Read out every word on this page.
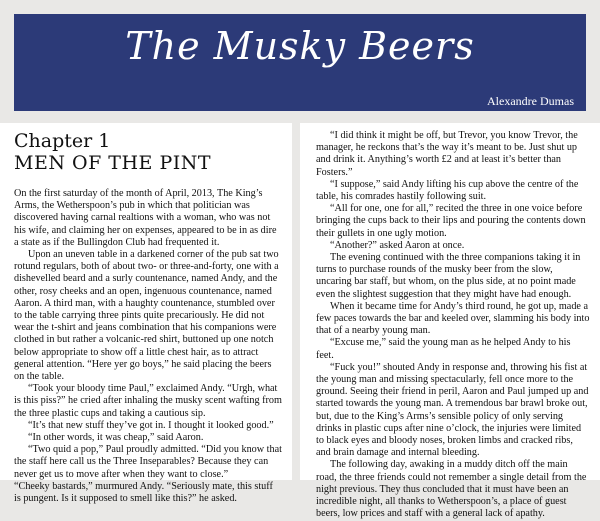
The Musky Beers
Alexandre Dumas
Chapter 1
MEN OF THE PINT

On the first saturday of the month of April, 2013, The King’s Arms, the Wetherspoon’s pub in which that politician was discovered having carnal realtions with a woman, who was not his wife, and claiming her on expenses, appeared to be in as dire a state as if the Bullingdon Club had frequented it.

Upon an uneven table in a darkened corner of the pub sat two rotund regulars, both of about two- or three-and-forty, one with a dishevelled beard and a surly countenance, named Andy, and the other, rosy cheeks and an open, ingenuous countenance, named Aaron. A third man, with a haughty countenance, stumbled over to the table carrying three pints quite precariously. He did not wear the t-shirt and jeans combination that his companions were clothed in but rather a volcanic-red shirt, buttoned up one notch below appropriate to show off a little chest hair, as to attract general attention. “Here yer go boys,” he said placing the beers on the table.

“Took your bloody time Paul,” exclaimed Andy. “Urgh, what is this piss?” he cried after inhaling the musky scent wafting from the three plastic cups and taking a cautious sip.

“It’s that new stuff they’ve got in. I thought it looked good.”

“In other words, it was cheap,” said Aaron.

“Two quid a pop,” Paul proudly admitted. “Did you know that the staff here call us the Three Inseparables? Because they can never get us to move after when they want to close.”

“Cheeky bastards,” murmured Andy. “Seriously mate, this stuff is pungent. Is it supposed to smell like this?” he asked.

“I did think it might be off, but Trevor, you know Trevor, the manager, he reckons that’s the way it’s meant to be. Just shut up and drink it. Anything’s worth £2 and at least it’s better than Fosters.”

“I suppose,” said Andy lifting his cup above the centre of the table, his comrades hastily following suit.

“All for one, one for all,” recited the three in one voice before bringing the cups back to their lips and pouring the contents down their gullets in one ugly motion.

“Another?” asked Aaron at once.

The evening continued with the three companions taking it in turns to purchase rounds of the musky beer from the slow, uncaring bar staff, but whom, on the plus side, at no point made even the slightest suggestion that they might have had enough.

When it became time for Andy’s third round, he got up, made a few paces towards the bar and keeled over, slamming his body into that of a nearby young man.

“Excuse me,” said the young man as he helped Andy to his feet.

“Fuck you!” shouted Andy in response and, throwing his fist at the young man and missing spectacularly, fell once more to the ground. Seeing their friend in peril, Aaron and Paul jumped up and started towards the young man. A tremendous bar brawl broke out, but, due to the King’s Arms’s sensible policy of only serving drinks in plastic cups after nine o’clock, the injuries were limited to black eyes and bloody noses, broken limbs and cracked ribs, and brain damage and internal bleeding.

The following day, awaking in a muddy ditch off the main road, the three friends could not remember a single detail from the night previous. They thus concluded that it must have been an incredible night, all thanks to Wetherspoon’s, a place of guest beers, low prices and staff with a general lack of apathy.
